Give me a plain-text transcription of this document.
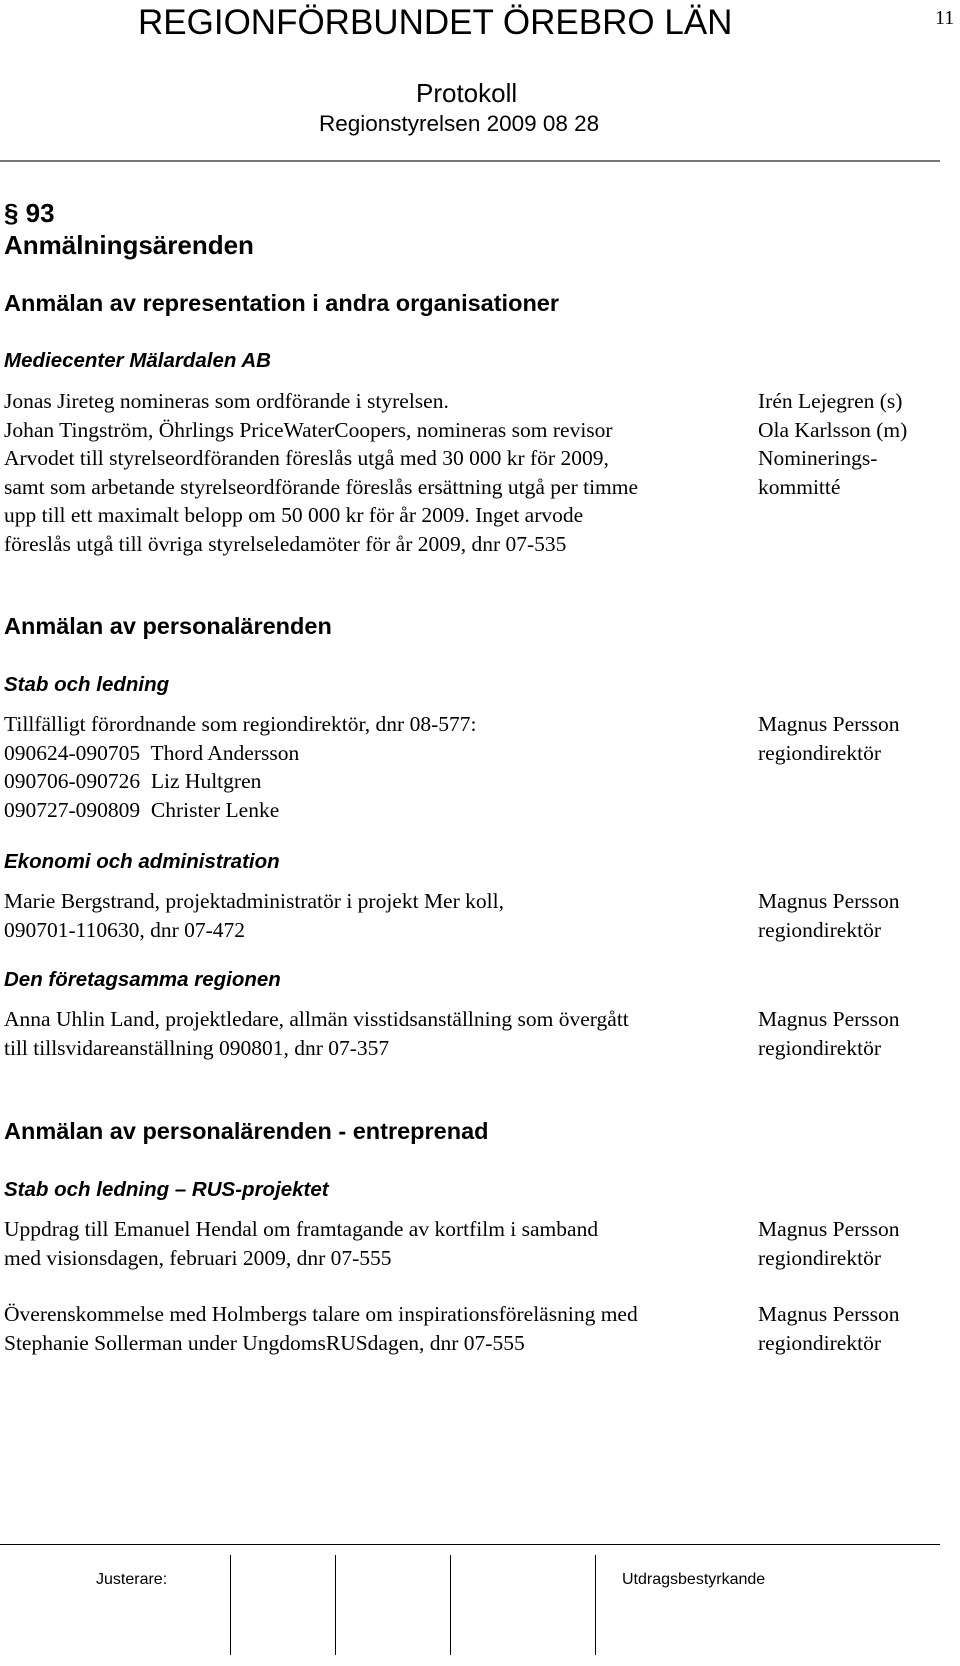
REGIONFÖRBUNDET ÖREBRO LÄN	11
Protokoll
Regionstyrelsen 2009 08 28
§ 93
Anmälningsärenden
Anmälan av representation i andra organisationer
Mediecenter Mälardalen AB
Jonas Jireteg nomineras som ordförande i styrelsen.
Johan Tingström, Öhrlings PriceWaterCoopers, nomineras som revisor
Arvodet till styrelseordföranden föreslås utgå med 30 000 kr för 2009,
samt som arbetande styrelseordförande föreslås ersättning utgå per timme
upp till ett maximalt belopp om 50 000 kr för år 2009. Inget arvode
föreslås utgå till övriga styrelseledamöter för år 2009, dnr 07-535
Irén Lejegren (s)
Ola Karlsson (m)
Nominerings-
kommitté
Anmälan av personalärenden
Stab och ledning
Tillfälligt förordnande som regiondirektör, dnr 08-577:
090624-090705  Thord Andersson
090706-090726  Liz Hultgren
090727-090809  Christer Lenke
Magnus Persson
regiondirektör
Ekonomi och administration
Marie Bergstrand, projektadministratör i projekt Mer koll,
090701-110630, dnr 07-472
Magnus Persson
regiondirektör
Den företagsamma regionen
Anna Uhlin Land, projektledare, allmän visstidsanställning som övergått
till tillsvidareanställning 090801, dnr 07-357
Magnus Persson
regiondirektör
Anmälan av personalärenden - entreprenad
Stab och ledning – RUS-projektet
Uppdrag till Emanuel Hendal om framtagande av kortfilm i samband
med visionsdagen, februari 2009, dnr 07-555
Magnus Persson
regiondirektör
Överenskommelse med Holmbergs talare om inspirationsföreläsning med
Stephanie Sollerman under UngdomsRUSdagen, dnr 07-555
Magnus Persson
regiondirektör
Justerare:	Utdragsbestyrkande
